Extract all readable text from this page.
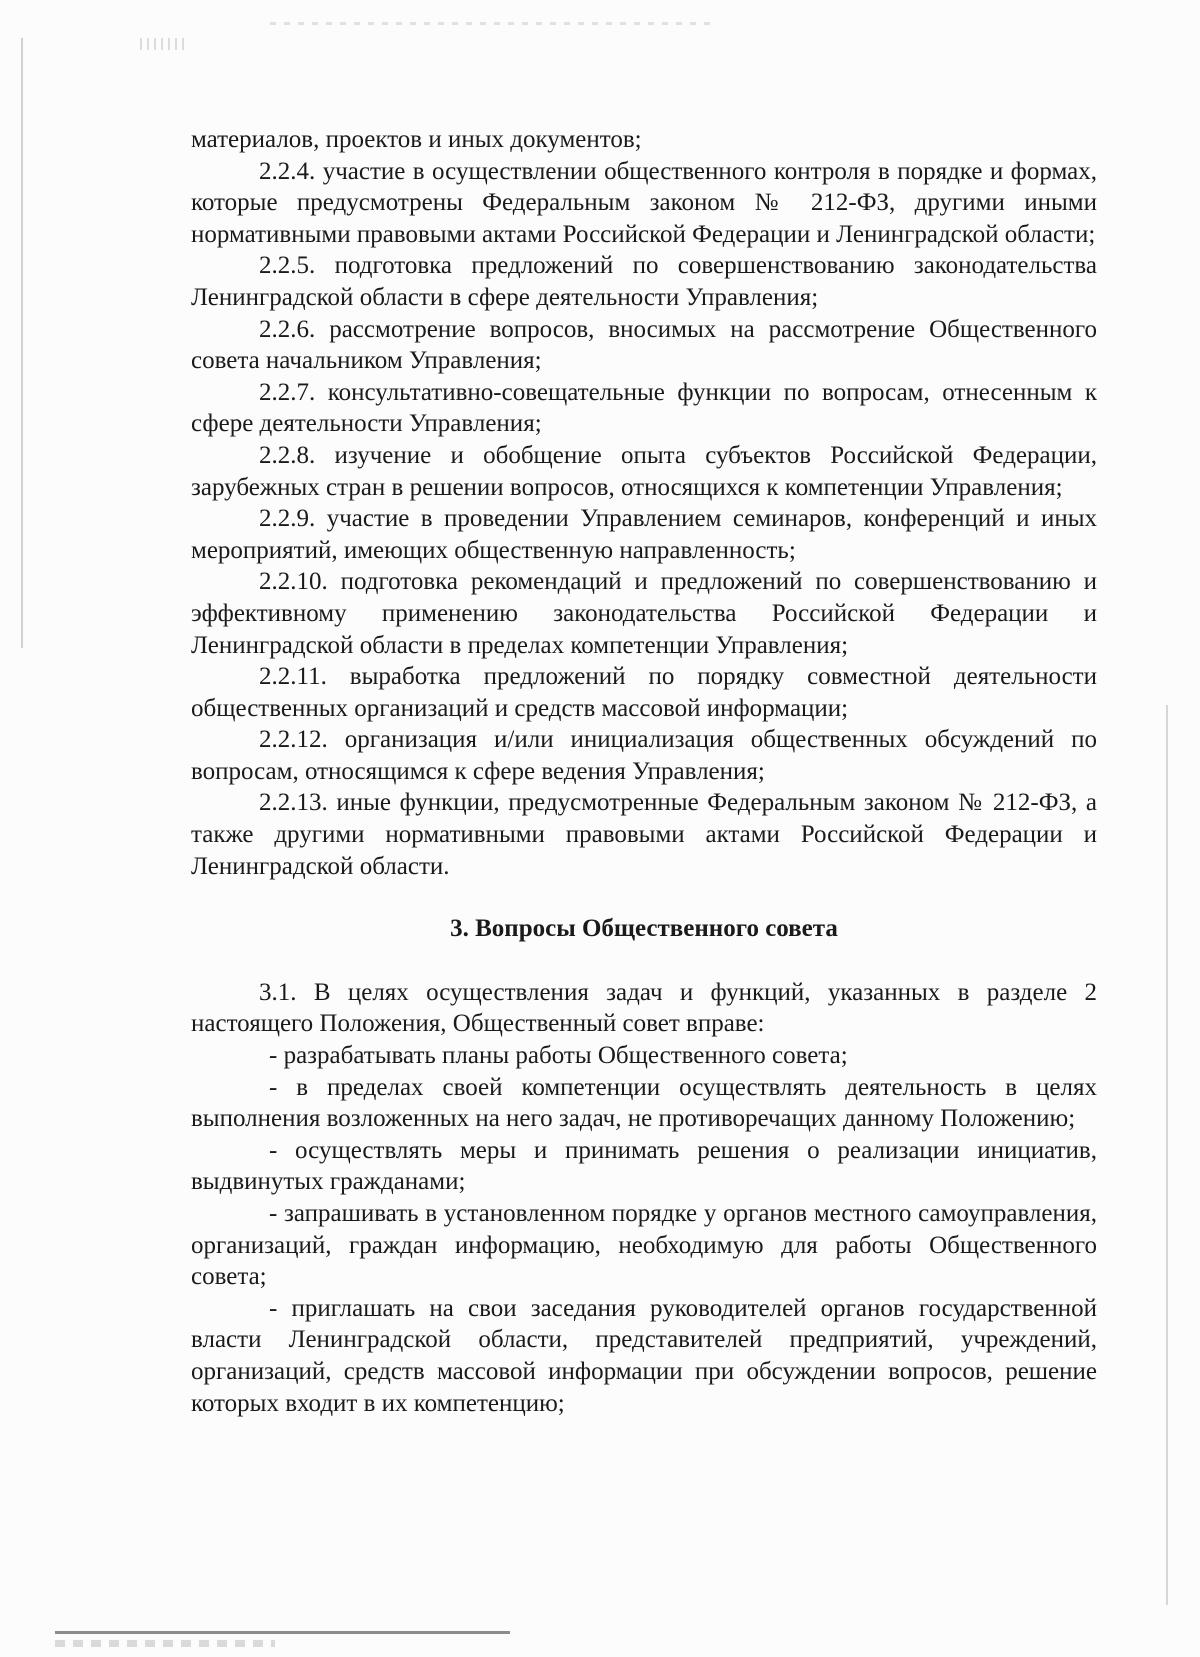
материалов, проектов и иных документов;

2.2.4. участие в осуществлении общественного контроля в порядке и формах, которые предусмотрены Федеральным законом № 212-ФЗ, другими иными нормативными правовыми актами Российской Федерации и Ленинградской области;

2.2.5. подготовка предложений по совершенствованию законодательства Ленинградской области в сфере деятельности Управления;

2.2.6. рассмотрение вопросов, вносимых на рассмотрение Общественного совета начальником Управления;

2.2.7. консультативно-совещательные функции по вопросам, отнесенным к сфере деятельности Управления;

2.2.8. изучение и обобщение опыта субъектов Российской Федерации, зарубежных стран в решении вопросов, относящихся к компетенции Управления;

2.2.9. участие в проведении Управлением семинаров, конференций и иных мероприятий, имеющих общественную направленность;

2.2.10. подготовка рекомендаций и предложений по совершенствованию и эффективному применению законодательства Российской Федерации и Ленинградской области в пределах компетенции Управления;

2.2.11. выработка предложений по порядку совместной деятельности общественных организаций и средств массовой информации;

2.2.12. организация и/или инициализация общественных обсуждений по вопросам, относящимся к сфере ведения Управления;

2.2.13. иные функции, предусмотренные Федеральным законом № 212-ФЗ, а также другими нормативными правовыми актами Российской Федерации и Ленинградской области.

3. Вопросы Общественного совета

3.1. В целях осуществления задач и функций, указанных в разделе 2 настоящего Положения, Общественный совет вправе:

- разрабатывать планы работы Общественного совета;

- в пределах своей компетенции осуществлять деятельность в целях выполнения возложенных на него задач, не противоречащих данному Положению;

- осуществлять меры и принимать решения о реализации инициатив, выдвинутых гражданами;

- запрашивать в установленном порядке у органов местного самоуправления, организаций, граждан информацию, необходимую для работы Общественного совета;

- приглашать на свои заседания руководителей органов государственной власти Ленинградской области, представителей предприятий, учреждений, организаций, средств массовой информации при обсуждении вопросов, решение которых входит в их компетенцию;
